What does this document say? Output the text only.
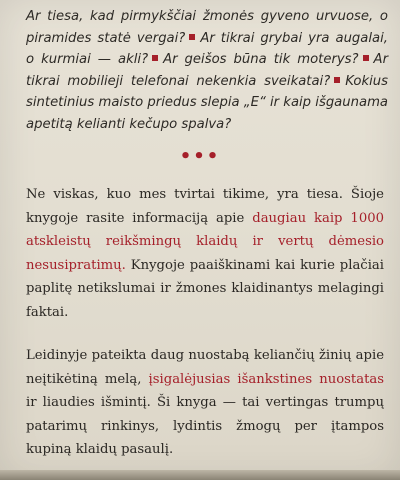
Ar tiesa, kad pirmykščiai žmonės gyveno urvuose, o piramides statė vergai? Ar tikrai grybai yra augalai, o kurmiai — akli? Ar geišos būna tik moterys? Ar tikrai mobilieji telefonai nekenkia sveikatai? Kokius sintetinius maisto priedus slepia „E“ ir kaip išgaunama apetitą kelianti kečupo spalva?
•••
Ne viskas, kuo mes tvirtai tikime, yra tiesa. Šioje knygoje rasite informaciją apie daugiau kaip 1000 atskleistų reikšmingų klaidų ir vertų dėmesio nesusipratimų. Knygoje paaiškinami kai kurie plačiai paplitę netikslumai ir žmones klaidinantys melagingi faktai.
Leidinyje pateikta daug nuostabą keliančių žinių apie neįtikėtiną melą, įsigalėjusias išankstines nuostatas ir liaudies išmintį. Ši knyga — tai vertingas trumpų patarimų rinkinys, lydintis žmogų per įtampos kupiną klaidų pasaulį.
